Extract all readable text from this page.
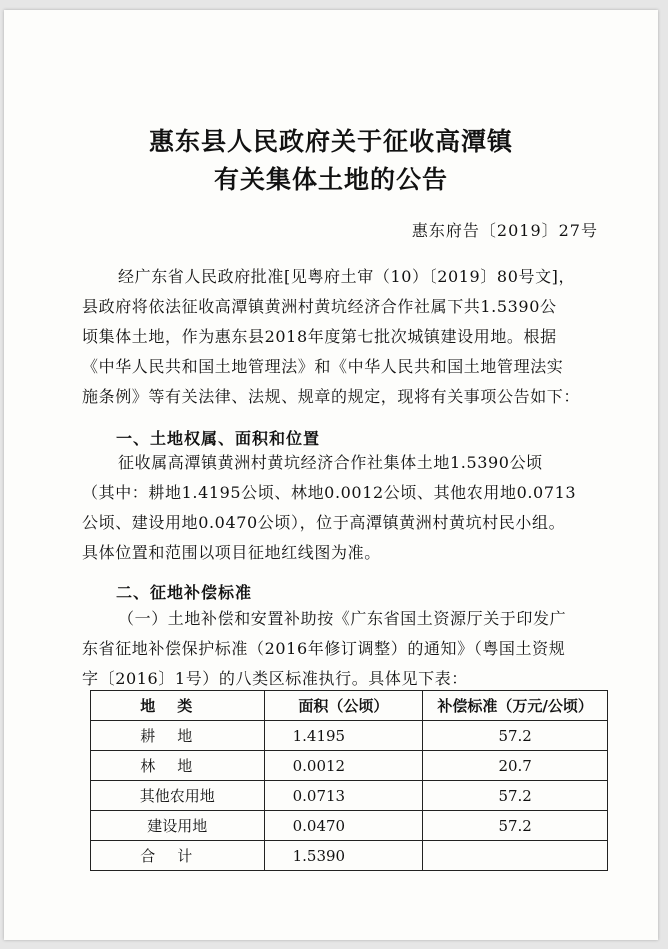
惠东县人民政府关于征收高潭镇
有关集体土地的公告
惠东府告〔2019〕27号
经广东省人民政府批准[见粤府土审（10）〔2019〕80号文]，
县政府将依法征收高潭镇黄洲村黄坑经济合作社属下共1.5390公
顷集体土地，作为惠东县2018年度第七批次城镇建设用地。根据
《中华人民共和国土地管理法》和《中华人民共和国土地管理法实
施条例》等有关法律、法规、规章的规定，现将有关事项公告如下：
一、土地权属、面积和位置
征收属高潭镇黄洲村黄坑经济合作社集体土地1.5390公顷
（其中：耕地1.4195公顷、林地0.0012公顷、其他农用地0.0713
公顷、建设用地0.0470公顷），位于高潭镇黄洲村黄坑村民小组。
具体位置和范围以项目征地红线图为准。
二、征地补偿标准
（一）土地补偿和安置补助按《广东省国土资源厅关于印发广
东省征地补偿保护标准（2016年修订调整）的通知》（粤国土资规
字〔2016〕1号）的八类区标准执行。具体见下表：
地类	面积（公顷）	补偿标准（万元/公顷）
耕地	1.4195	57.2
林地	0.0012	20.7
其他农用地	0.0713	57.2
建设用地	0.0470	57.2
合计	1.5390	
